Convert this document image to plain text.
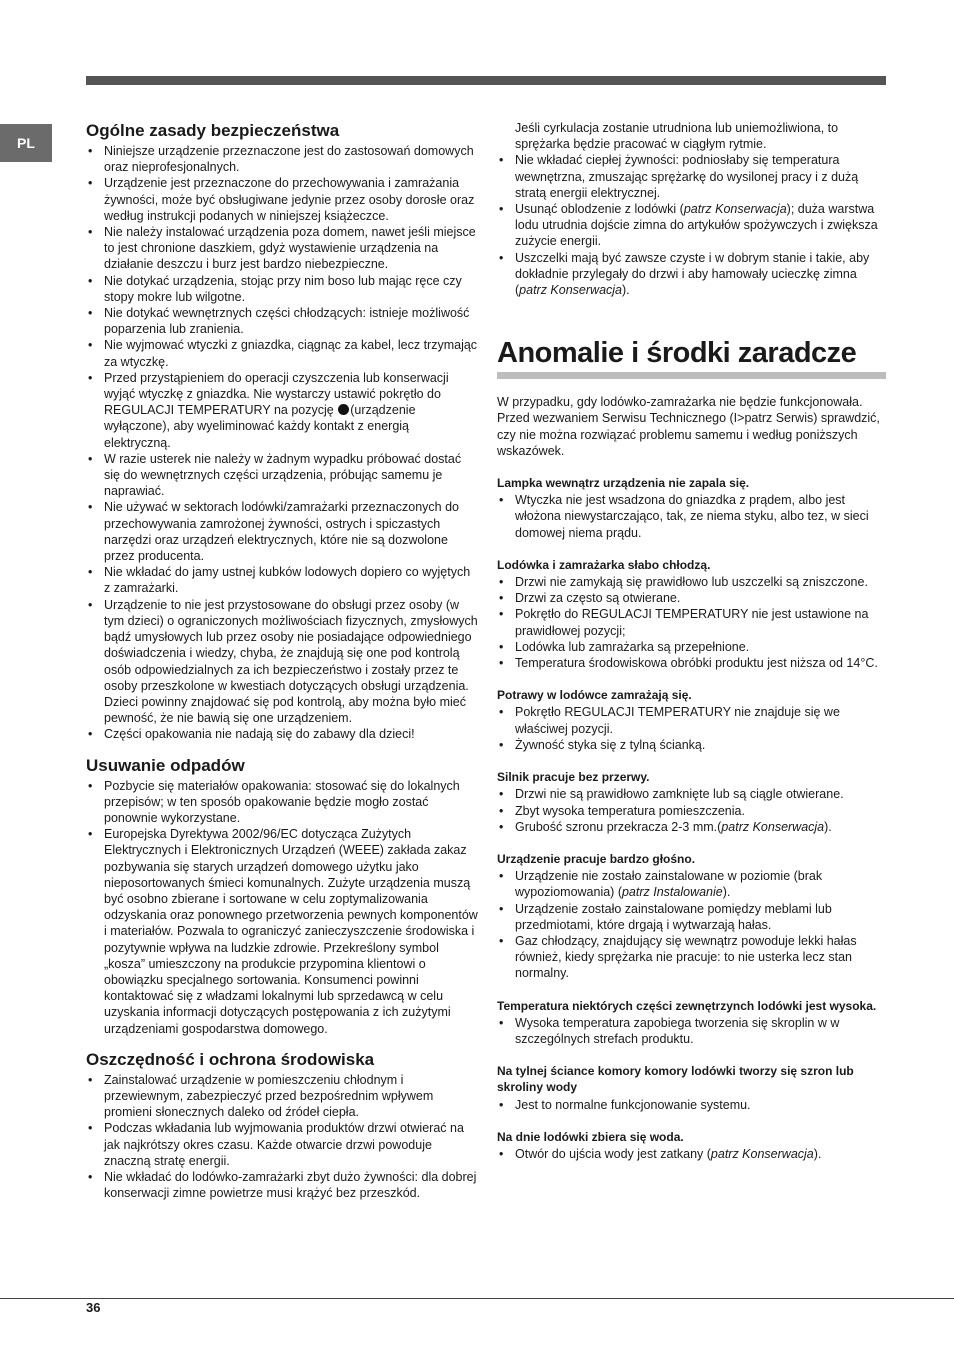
PL
Ogólne zasady bezpieczeństwa
• Niniejsze urządzenie przeznaczone jest do zastosowań domowych oraz nieprofesjonalnych.
• Urządzenie jest przeznaczone do przechowywania i zamrażania żywności, może być obsługiwane jedynie przez osoby dorosłe oraz według instrukcji podanych w niniejszej książeczce.
• Nie należy instalować urządzenia poza domem, nawet jeśli miejsce to jest chronione daszkiem, gdyż wystawienie urządzenia na działanie deszczu i burz jest bardzo niebezpieczne.
• Nie dotykać urządzenia, stojąc przy nim boso lub mając ręce czy stopy mokre lub wilgotne.
• Nie dotykać wewnętrznych części chłodzących: istnieje możliwość poparzenia lub zranienia.
• Nie wyjmować wtyczki z gniazdka, ciągnąc za kabel, lecz trzymając za wtyczkę.
• Przed przystąpieniem do operacji czyszczenia lub konserwacji wyjąć wtyczkę z gniazdka. Nie wystarczy ustawić pokrętło do REGULACJI TEMPERATURY na pozycję (urządzenie wyłączone), aby wyeliminować każdy kontakt z energią elektryczną.
• W razie usterek nie należy w żadnym wypadku próbować dostać się do wewnętrznych części urządzenia, próbując samemu je naprawiać.
• Nie używać w sektorach lodówki/zamrażarki przeznaczonych do przechowywania zamrożonej żywności, ostrych i spiczastych narzędzi oraz urządzeń elektrycznych, które nie są dozwolone przez producenta.
• Nie wkładać do jamy ustnej kubków lodowych dopiero co wyjętych z zamrażarki.
• Urządzenie to nie jest przystosowane do obsługi przez osoby (w tym dzieci) o ograniczonych możliwościach fizycznych, zmysłowych bądź umysłowych lub przez osoby nie posiadające odpowiedniego doświadczenia i wiedzy, chyba, że znajdują się one pod kontrolą osób odpowiedzialnych za ich bezpieczeństwo i zostały przez te osoby przeszkolone w kwestiach dotyczących obsługi urządzenia. Dzieci powinny znajdować się pod kontrolą, aby można było mieć pewność, że nie bawią się one urządzeniem.
• Części opakowania nie nadają się do zabawy dla dzieci!
Usuwanie odpadów
• Pozbycie się materiałów opakowania: stosować się do lokalnych przepisów; w ten sposób opakowanie będzie mogło zostać ponownie wykorzystane.
• Europejska Dyrektywa 2002/96/EC dotycząca Zużytych Elektrycznych i Elektronicznych Urządzeń (WEEE) zakłada zakaz pozbywania się starych urządzeń domowego użytku jako nieposortowanych śmieci komunalnych. Zużyte urządzenia muszą być osobno zbierane i sortowane w celu zoptymalizowania odzyskania oraz ponownego przetworzenia pewnych komponentów i materiałów. Pozwala to ograniczyć zanieczyszczenie środowiska i pozytywnie wpływa na ludzkie zdrowie. Przekreślony symbol „kosza” umieszczony na produkcie przypomina klientowi o obowiązku specjalnego sortowania. Konsumenci powinni kontaktować się z władzami lokalnymi lub sprzedawcą w celu uzyskania informacji dotyczących postępowania z ich zużytymi urządzeniami gospodarstwa domowego.
Oszczędność i ochrona środowiska
• Zainstalować urządzenie w pomieszczeniu chłodnym i przewiewnym, zabezpieczyć przed bezpośrednim wpływem promieni słonecznych daleko od źródeł ciepła.
• Podczas wkładania lub wyjmowania produktów drzwi otwierać na jak najkrótszy okres czasu. Każde otwarcie drzwi powoduje znaczną stratę energii.
• Nie wkładać do lodówko-zamrażarki zbyt dużo żywności: dla dobrej konserwacji zimne powietrze musi krążyć bez przeszkód.
Jeśli cyrkulacja zostanie utrudniona lub uniemożliwiona, to sprężarka będzie pracować w ciągłym rytmie.
• Nie wkładać ciepłej żywności: podniosłaby się temperatura wewnętrzna, zmuszając sprężarkę do wysilonej pracy i z dużą stratą energii elektrycznej.
• Usunąć oblodzenie z lodówki (patrz Konserwacja); duża warstwa lodu utrudnia dojście zimna do artykułów spożywczych i zwiększa zużycie energii.
• Uszczelki mają być zawsze czyste i w dobrym stanie i takie, aby dokładnie przylegały do drzwi i aby hamowały ucieczkę zimna (patrz Konserwacja).
Anomalie i środki zaradcze
W przypadku, gdy lodówko-zamrażarka nie będzie funkcjonowała. Przed wezwaniem Serwisu Technicznego (I>patrz Serwis) sprawdzić, czy nie można rozwiązać problemu samemu i według poniższych wskazówek.
Lampka wewnątrz urządzenia nie zapala się.
• Wtyczka nie jest wsadzona do gniazdka z prądem, albo jest włożona niewystarczająco, tak, ze niema styku, albo tez, w sieci domowej niema prądu.
Lodówka i zamrażarka słabo chłodzą.
• Drzwi nie zamykają się prawidłowo lub uszczelki są zniszczone.
• Drzwi za często są otwierane.
• Pokrętło do REGULACJI TEMPERATURY nie jest ustawione na prawidłowej pozycji;
• Lodówka lub zamrażarka są przepełnione.
• Temperatura środowiskowa obróbki produktu jest niższa od 14°C.
Potrawy w lodówce zamrażają się.
• Pokrętło REGULACJI TEMPERATURY nie znajduje się we właściwej pozycji.
• Żywność styka się z tylną ścianką.
Silnik pracuje bez przerwy.
• Drzwi nie są prawidłowo zamknięte lub są ciągle otwierane.
• Zbyt wysoka temperatura pomieszczenia.
• Grubość szronu przekracza 2-3 mm.(patrz Konserwacja).
Urządzenie pracuje bardzo głośno.
• Urządzenie nie zostało zainstalowane w poziomie (brak wypoziomowania) (patrz Instalowanie).
• Urządzenie zostało zainstalowane pomiędzy meblami lub przedmiotami, które drgają i wytwarzają hałas.
• Gaz chłodzący, znajdujący się wewnątrz powoduje lekki hałas również, kiedy sprężarka nie pracuje: to nie usterka lecz stan normalny.
Temperatura niektórych części zewnętrzynch lodówki jest wysoka.
• Wysoka temperatura zapobiega tworzenia się skroplin w w szczególnych strefach produktu.
Na tylnej ściance komory komory lodówki tworzy się szron lub skroliny wody
• Jest to normalne funkcjonowanie systemu.
Na dnie lodówki zbiera się woda.
• Otwór do ujścia wody jest zatkany (patrz Konserwacja).
36
